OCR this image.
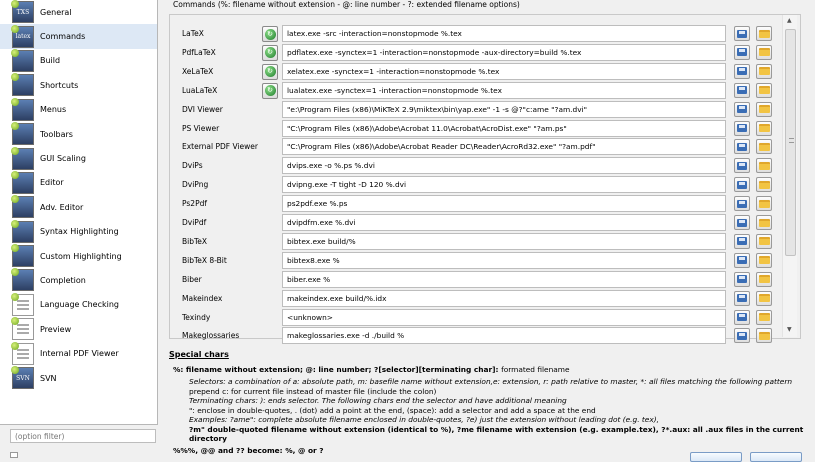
TXS	General
latex	Commands
Build
Shortcuts
Menus
Toolbars
GUI Scaling
Editor
Adv. Editor
Syntax Highlighting
Custom Highlighting
Completion
Language Checking
Preview
Internal PDF Viewer
SVN	SVN
(option filter)
Commands (%: filename without extension - @: line number - ?: extended filename options)
LaTeX	↻	latex.exe -src -interaction=nonstopmode %.tex
PdfLaTeX	↻	pdflatex.exe -synctex=1 -interaction=nonstopmode -aux-directory=build %.tex
XeLaTeX	↻	xelatex.exe -synctex=1 -interaction=nonstopmode %.tex
LuaLaTeX	↻	lualatex.exe -synctex=1 -interaction=nonstopmode %.tex
DVI Viewer	"e:\Program Files (x86)\MiKTeX 2.9\miktex\bin\yap.exe" -1 -s @?"c:ame "?am.dvi"
PS Viewer	"C:\Program Files (x86)\Adobe\Acrobat 11.0\Acrobat\AcroDist.exe" "?am.ps"
External PDF Viewer	"C:\Program Files (x86)\Adobe\Acrobat Reader DC\Reader\AcroRd32.exe" "?am.pdf"
DviPs	dvips.exe -o %.ps %.dvi
DviPng	dvipng.exe -T tight -D 120 %.dvi
Ps2Pdf	ps2pdf.exe %.ps
DviPdf	dvipdfm.exe %.dvi
BibTeX	bibtex.exe build/%
BibTeX 8-Bit	bibtex8.exe %
Biber	biber.exe %
Makeindex	makeindex.exe build/%.idx
Texindy	<unknown>
Makeglossaries	makeglossaries.exe -d ./build %
▲
▼
Special chars
%: filename without extension; @: line number; ?[selector][terminating char]: formated filename
Selectors: a combination of a: absolute path, m: basefile name without extension,e: extension, r: path relative to master, *: all files matching the following pattern
prepend c: for current file instead of master file (include the colon)
Terminating chars: ): ends selector. The following chars end the selector and have additional meaning
": enclose in double-quotes, . (dot) add a point at the end, (space): add a selector and add a space at the end
Examples: ?ame": complete absolute filename enclosed in double-quotes, ?e) just the extension without leading dot (e.g. tex),
?m" double-quoted filename without extension (identical to %), ?me filename with extension (e.g. example.tex), ?*.aux: all .aux files in the current directory
%%%, @@ and ?? become: %, @ or ?
